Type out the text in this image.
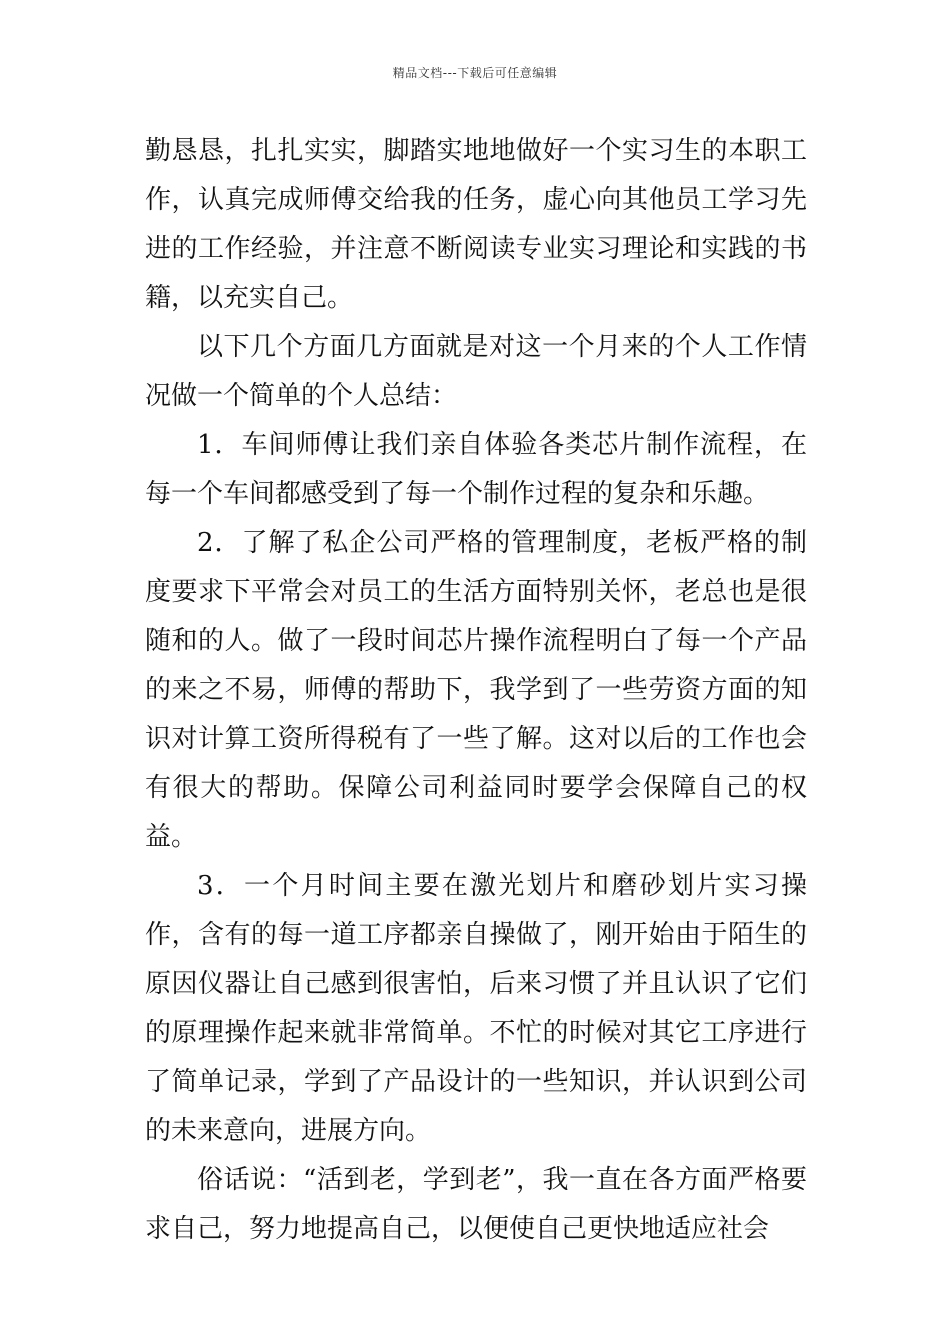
精品文档---下载后可任意编辑

勤恳恳，扎扎实实，脚踏实地地做好一个实习生的本职工作，认真完成师傅交给我的任务，虚心向其他员工学习先进的工作经验，并注意不断阅读专业实习理论和实践的书籍，以充实自己。

以下几个方面几方面就是对这一个月来的个人工作情况做一个简单的个人总结：

1．车间师傅让我们亲自体验各类芯片制作流程，在每一个车间都感受到了每一个制作过程的复杂和乐趣。

2．了解了私企公司严格的管理制度，老板严格的制度要求下平常会对员工的生活方面特别关怀，老总也是很随和的人。做了一段时间芯片操作流程明白了每一个产品的来之不易，师傅的帮助下，我学到了一些劳资方面的知识对计算工资所得税有了一些了解。这对以后的工作也会有很大的帮助。保障公司利益同时要学会保障自己的权益。

3．一个月时间主要在激光划片和磨砂划片实习操作，含有的每一道工序都亲自操做了，刚开始由于陌生的原因仪器让自己感到很害怕，后来习惯了并且认识了它们的原理操作起来就非常简单。不忙的时候对其它工序进行了简单记录，学到了产品设计的一些知识，并认识到公司的未来意向，进展方向。

俗话说：“活到老，学到老”，我一直在各方面严格要求自己，努力地提高自己，以便使自己更快地适应社会
